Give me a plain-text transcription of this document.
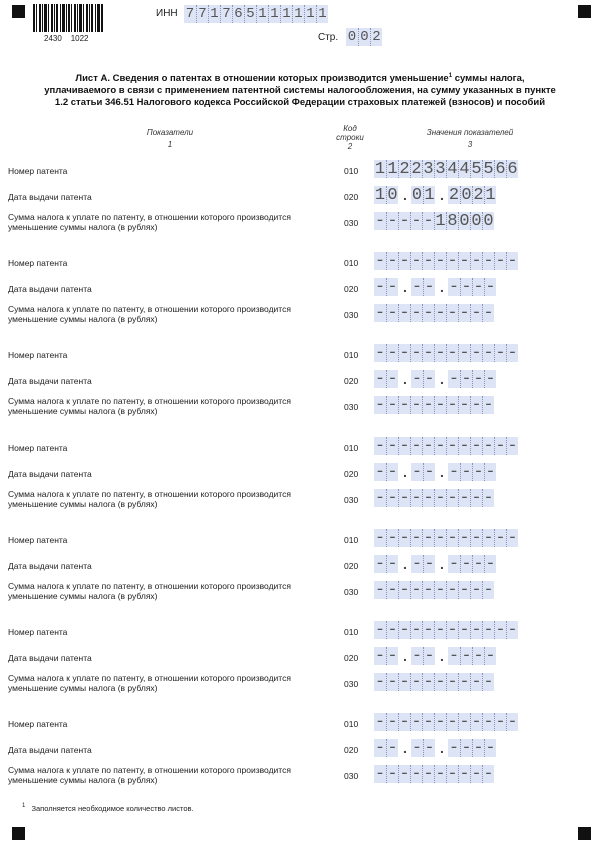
2430    1022
ИНН 7 7 1 7 6 5 1 1 1 1 1 1
Стр. 0 0 2
Лист А. Сведения о патентах в отношении которых производится уменьшение$^1$ суммы налога, уплачиваемого в связи с применением патентной системы налогообложения, на сумму указанных в пункте 1.2 статьи 346.51 Налогового кодекса Российской Федерации страховых платежей (взносов) и пособий
Показатели
1
Код строки
2
Значения показателей
3
Номер патента	010 1 1 2 2 3 3 4 4 5 5 6 6
Дата выдачи патента	020 1 0 . 0 1 . 2 0 2 1
Сумма налога к уплате по патенту, в отношении которого производится уменьшение суммы налога (в рублях)	030 - - - - - 1 8 0 0 0
Номер патента	010 - - - - - - - - - - - -
Дата выдачи патента	020 - - . - - . - - - -
Сумма налога к уплате по патенту, в отношении которого производится уменьшение суммы налога (в рублях)	030 - - - - - - - - - -
Номер патента	010 - - - - - - - - - - - -
Дата выдачи патента	020 - - . - - . - - - -
Сумма налога к уплате по патенту, в отношении которого производится уменьшение суммы налога (в рублях)	030 - - - - - - - - - -
Номер патента	010 - - - - - - - - - - - -
Дата выдачи патента	020 - - . - - . - - - -
Сумма налога к уплате по патенту, в отношении которого производится уменьшение суммы налога (в рублях)	030 - - - - - - - - - -
Номер патента	010 - - - - - - - - - - - -
Дата выдачи патента	020 - - . - - . - - - -
Сумма налога к уплате по патенту, в отношении которого производится уменьшение суммы налога (в рублях)	030 - - - - - - - - - -
Номер патента	010 - - - - - - - - - - - -
Дата выдачи патента	020 - - . - - . - - - -
Сумма налога к уплате по патенту, в отношении которого производится уменьшение суммы налога (в рублях)	030 - - - - - - - - - -
Номер патента	010 - - - - - - - - - - - -
Дата выдачи патента	020 - - . - - . - - - -
Сумма налога к уплате по патенту, в отношении которого производится уменьшение суммы налога (в рублях)	030 - - - - - - - - - -
$^1$ Заполняется необходимое количество листов.
